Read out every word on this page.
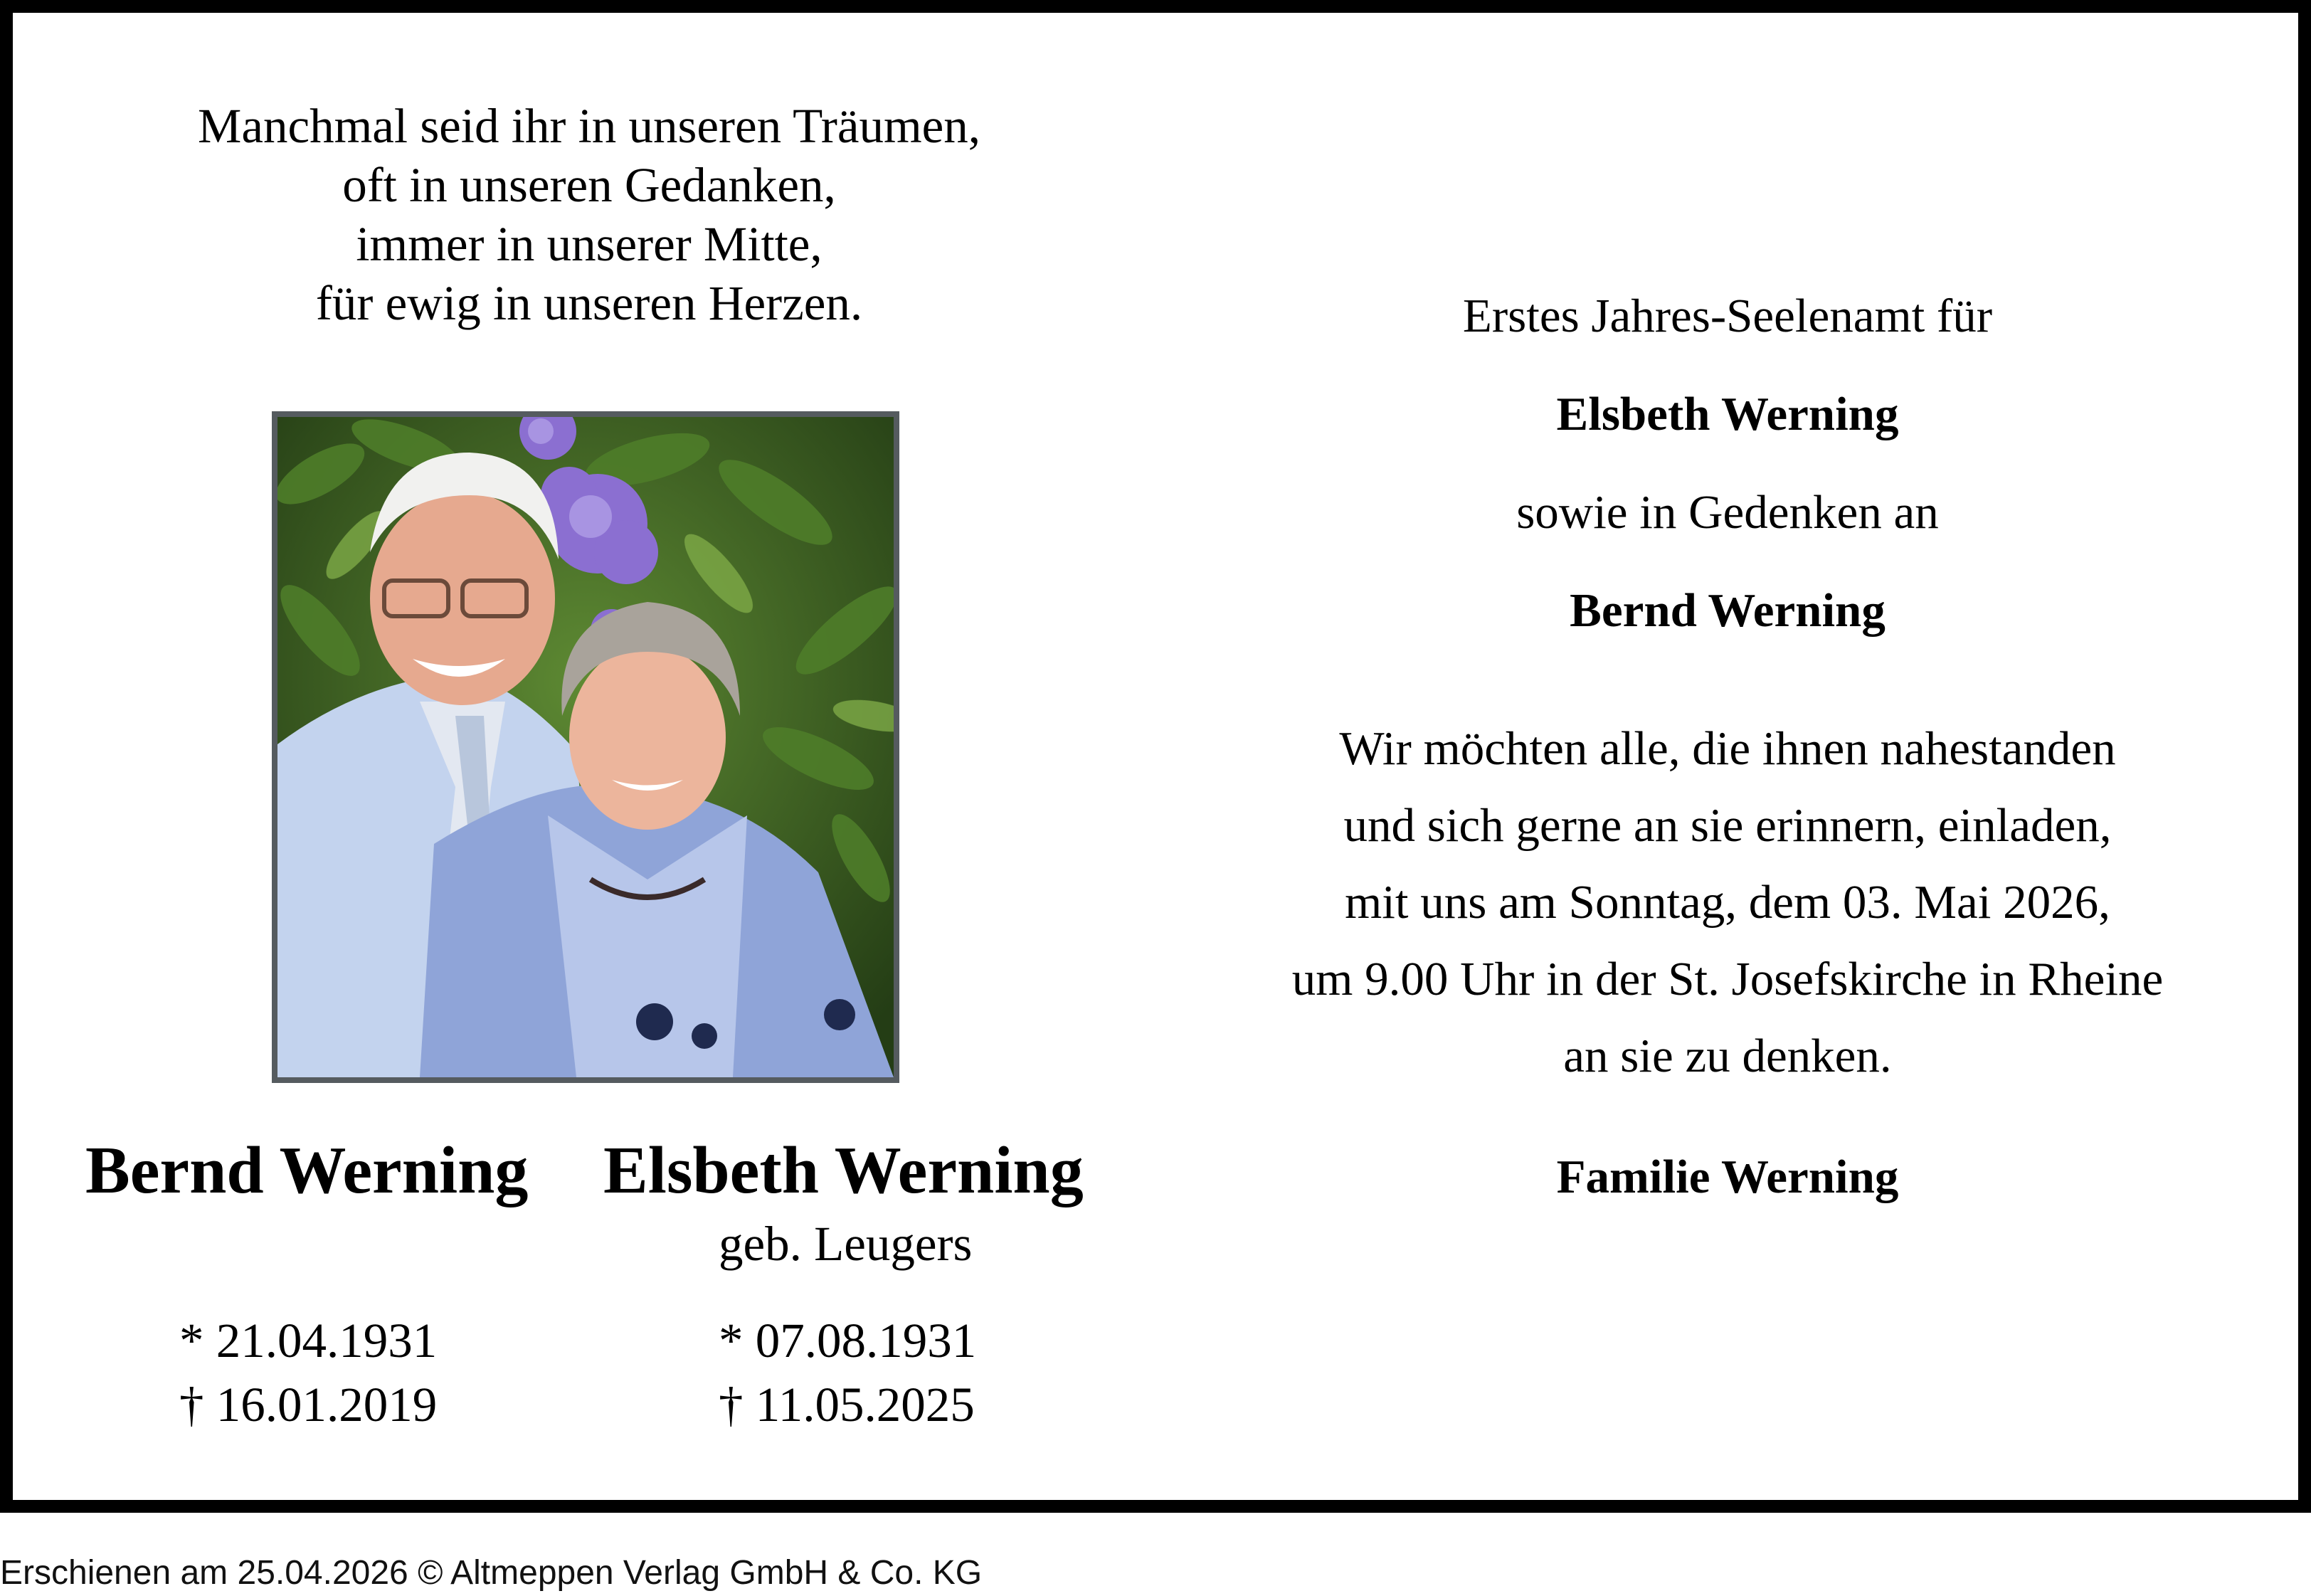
Manchmal seid ihr in unseren Träumen,
oft in unseren Gedanken,
immer in unserer Mitte,
für ewig in unseren Herzen.
Bernd Werning Elsbeth Werning
geb. Leugers
* 21.04.1931
† 16.01.2019
* 07.08.1931
† 11.05.2025
Erstes Jahres-Seelenamt für
Elsbeth Werning
sowie in Gedenken an
Bernd Werning
Wir möchten alle, die ihnen nahestanden
und sich gerne an sie erinnern, einladen,
mit uns am Sonntag, dem 03. Mai 2026,
um 9.00 Uhr in der St. Josefskirche in Rheine
an sie zu denken.
Familie Werning
Erschienen am 25.04.2026 © Altmeppen Verlag GmbH & Co. KG
